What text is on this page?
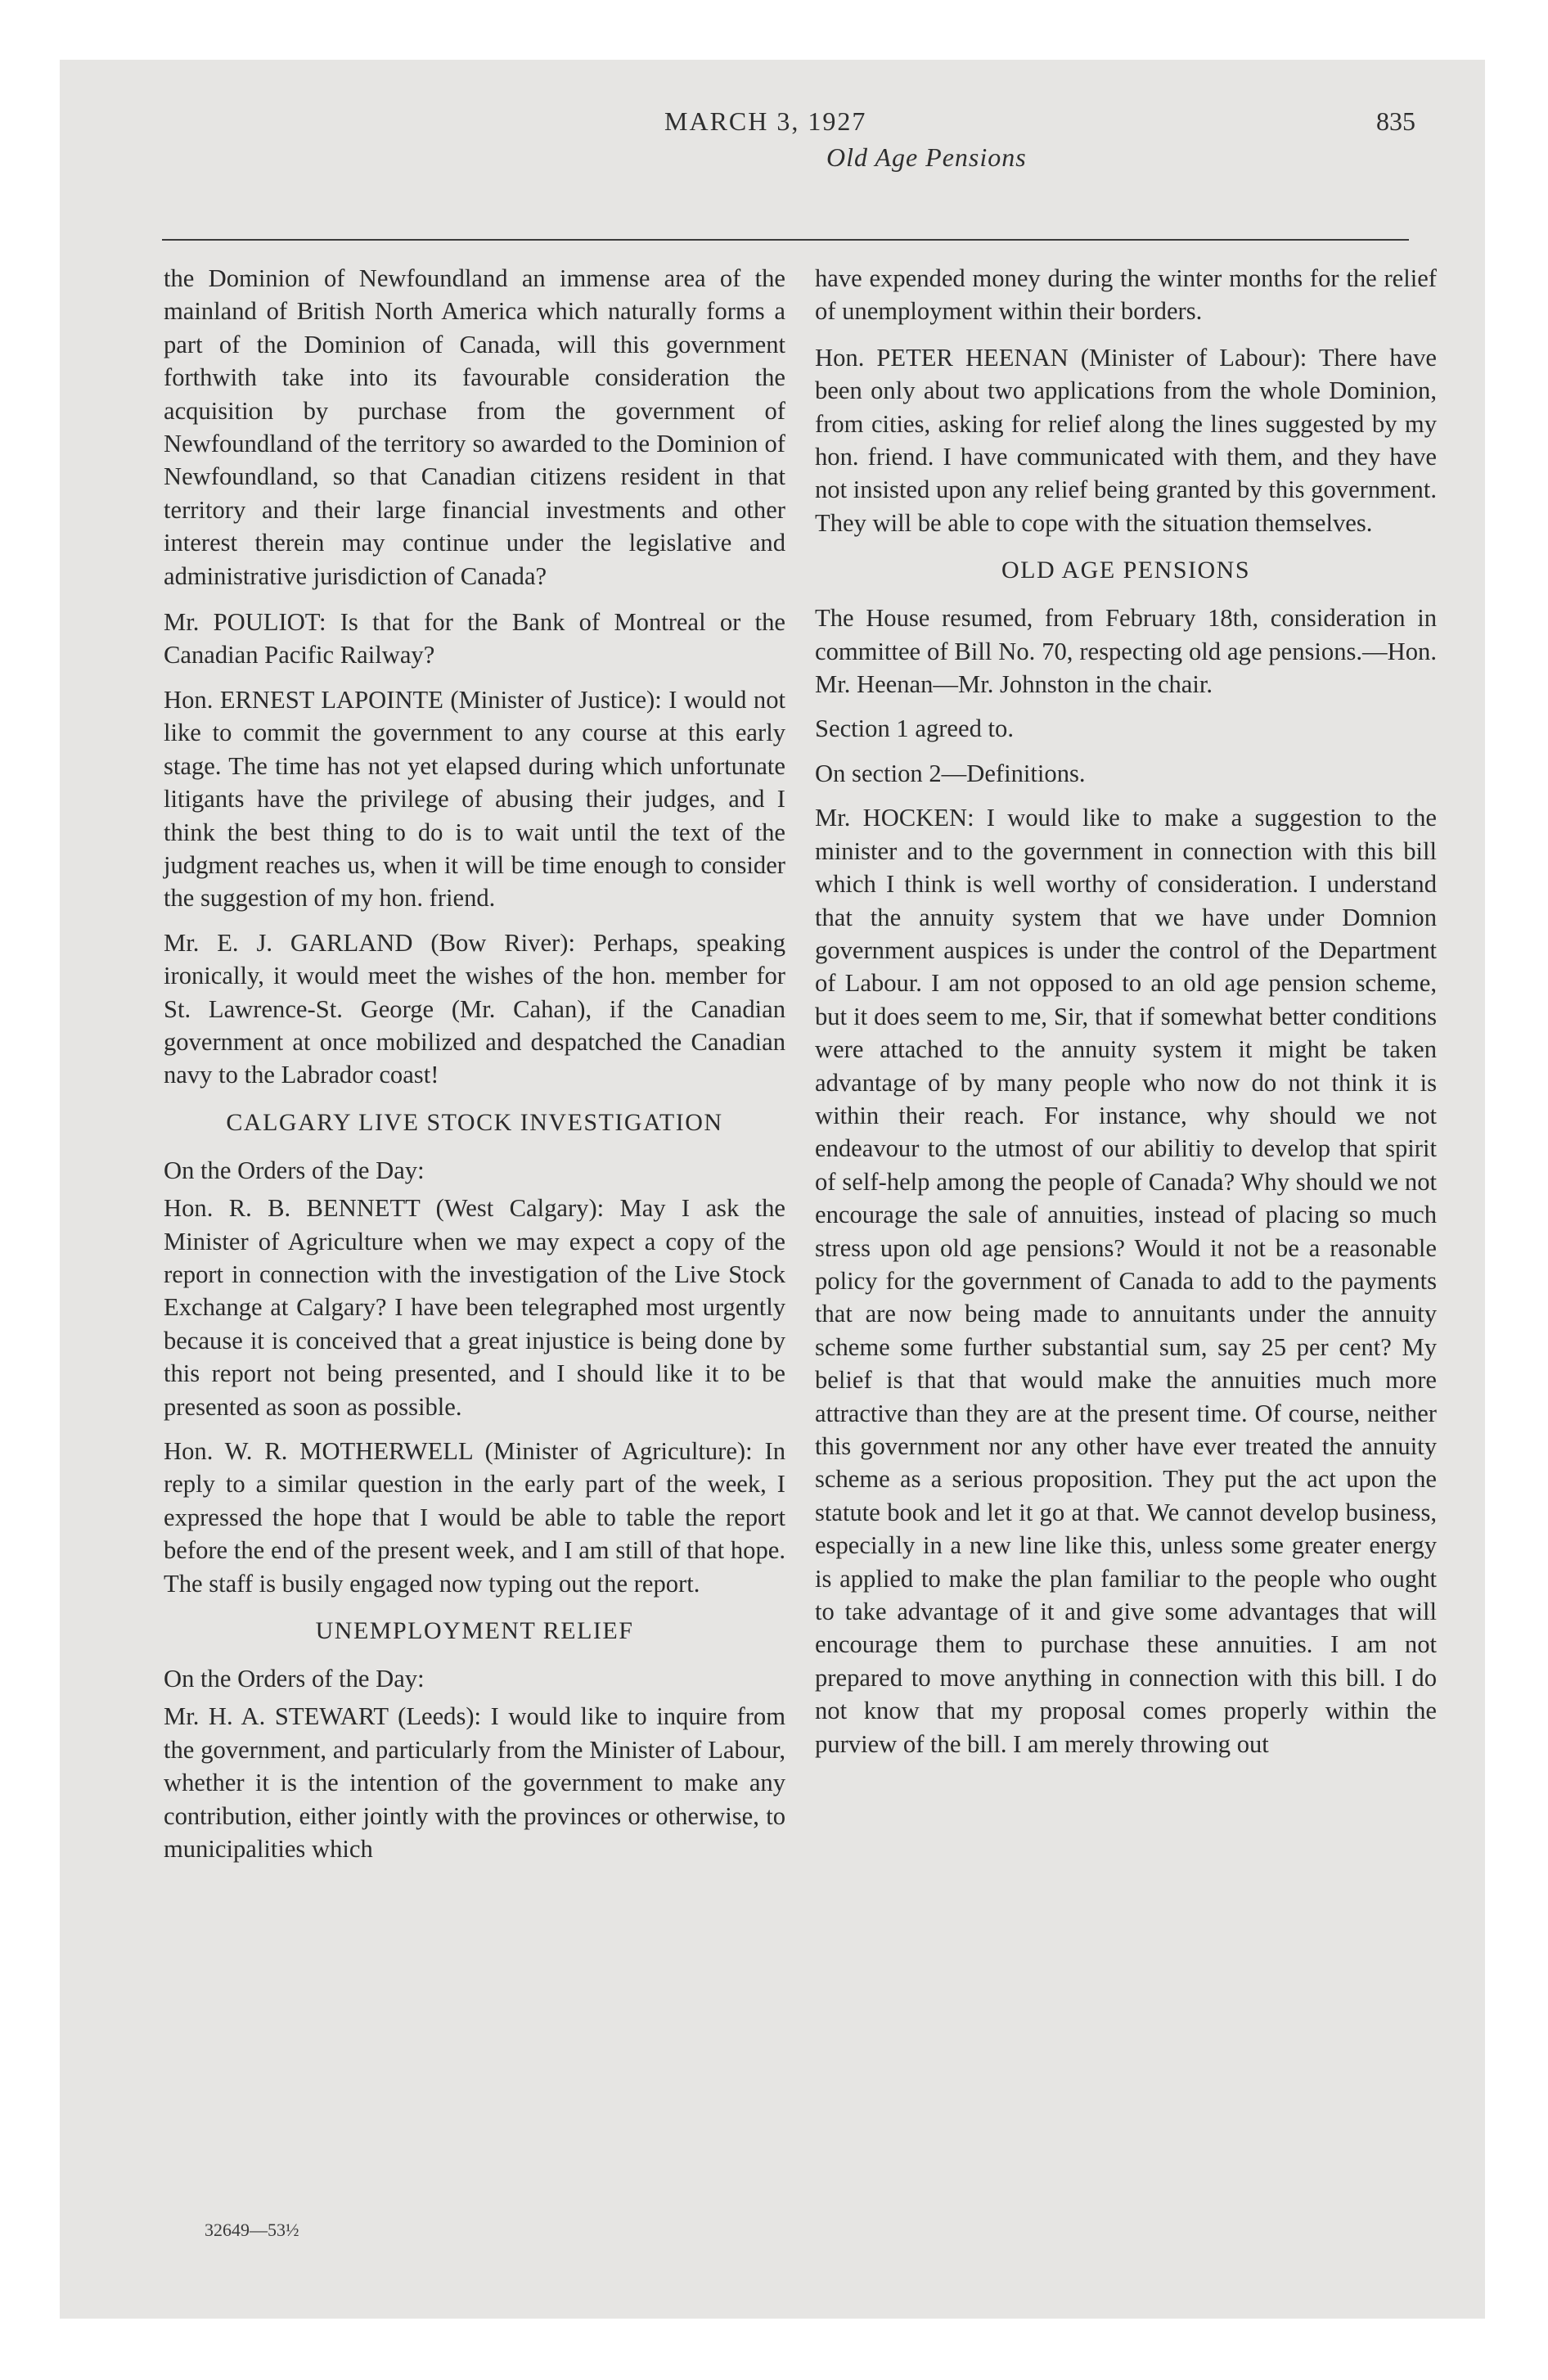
MARCH 3, 1927
Old Age Pensions
835

the Dominion of Newfoundland an immense area of the mainland of British North America which naturally forms a part of the Dominion of Canada, will this government forthwith take into its favourable consideration the acquisition by purchase from the government of Newfoundland of the territory so awarded to the Dominion of Newfoundland, so that Canadian citizens resident in that territory and their large financial investments and other interest therein may continue under the legislative and administrative jurisdiction of Canada?

Mr. POULIOT: Is that for the Bank of Montreal or the Canadian Pacific Railway?

Hon. ERNEST LAPOINTE (Minister of Justice): I would not like to commit the government to any course at this early stage. The time has not yet elapsed during which unfortunate litigants have the privilege of abusing their judges, and I think the best thing to do is to wait until the text of the judgment reaches us, when it will be time enough to consider the suggestion of my hon. friend.

Mr. E. J. GARLAND (Bow River): Perhaps, speaking ironically, it would meet the wishes of the hon. member for St. Lawrence-St. George (Mr. Cahan), if the Canadian government at once mobilized and despatched the Canadian navy to the Labrador coast!

CALGARY LIVE STOCK INVESTIGATION

On the Orders of the Day:

Hon. R. B. BENNETT (West Calgary): May I ask the Minister of Agriculture when we may expect a copy of the report in connection with the investigation of the Live Stock Exchange at Calgary? I have been telegraphed most urgently because it is conceived that a great injustice is being done by this report not being presented, and I should like it to be presented as soon as possible.

Hon. W. R. MOTHERWELL (Minister of Agriculture): In reply to a similar question in the early part of the week, I expressed the hope that I would be able to table the report before the end of the present week, and I am still of that hope. The staff is busily engaged now typing out the report.

UNEMPLOYMENT RELIEF

On the Orders of the Day:

Mr. H. A. STEWART (Leeds): I would like to inquire from the government, and particularly from the Minister of Labour, whether it is the intention of the government to make any contribution, either jointly with the provinces or otherwise, to municipalities which

have expended money during the winter months for the relief of unemployment within their borders.

Hon. PETER HEENAN (Minister of Labour): There have been only about two applications from the whole Dominion, from cities, asking for relief along the lines suggested by my hon. friend. I have communicated with them, and they have not insisted upon any relief being granted by this government. They will be able to cope with the situation themselves.

OLD AGE PENSIONS

The House resumed, from February 18th, consideration in committee of Bill No. 70, respecting old age pensions.—Hon. Mr. Heenan—Mr. Johnston in the chair.

Section 1 agreed to.

On section 2—Definitions.

Mr. HOCKEN: I would like to make a suggestion to the minister and to the government in connection with this bill which I think is well worthy of consideration. I understand that the annuity system that we have under Domnion government auspices is under the control of the Department of Labour. I am not opposed to an old age pension scheme, but it does seem to me, Sir, that if somewhat better conditions were attached to the annuity system it might be taken advantage of by many people who now do not think it is within their reach. For instance, why should we not endeavour to the utmost of our abilitiy to develop that spirit of self-help among the people of Canada? Why should we not encourage the sale of annuities, instead of placing so much stress upon old age pensions? Would it not be a reasonable policy for the government of Canada to add to the payments that are now being made to annuitants under the annuity scheme some further substantial sum, say 25 per cent? My belief is that that would make the annuities much more attractive than they are at the present time. Of course, neither this government nor any other have ever treated the annuity scheme as a serious proposition. They put the act upon the statute book and let it go at that. We cannot develop business, especially in a new line like this, unless some greater energy is applied to make the plan familiar to the people who ought to take advantage of it and give some advantages that will encourage them to purchase these annuities. I am not prepared to move anything in connection with this bill. I do not know that my proposal comes properly within the purview of the bill. I am merely throwing out

32649—53½
